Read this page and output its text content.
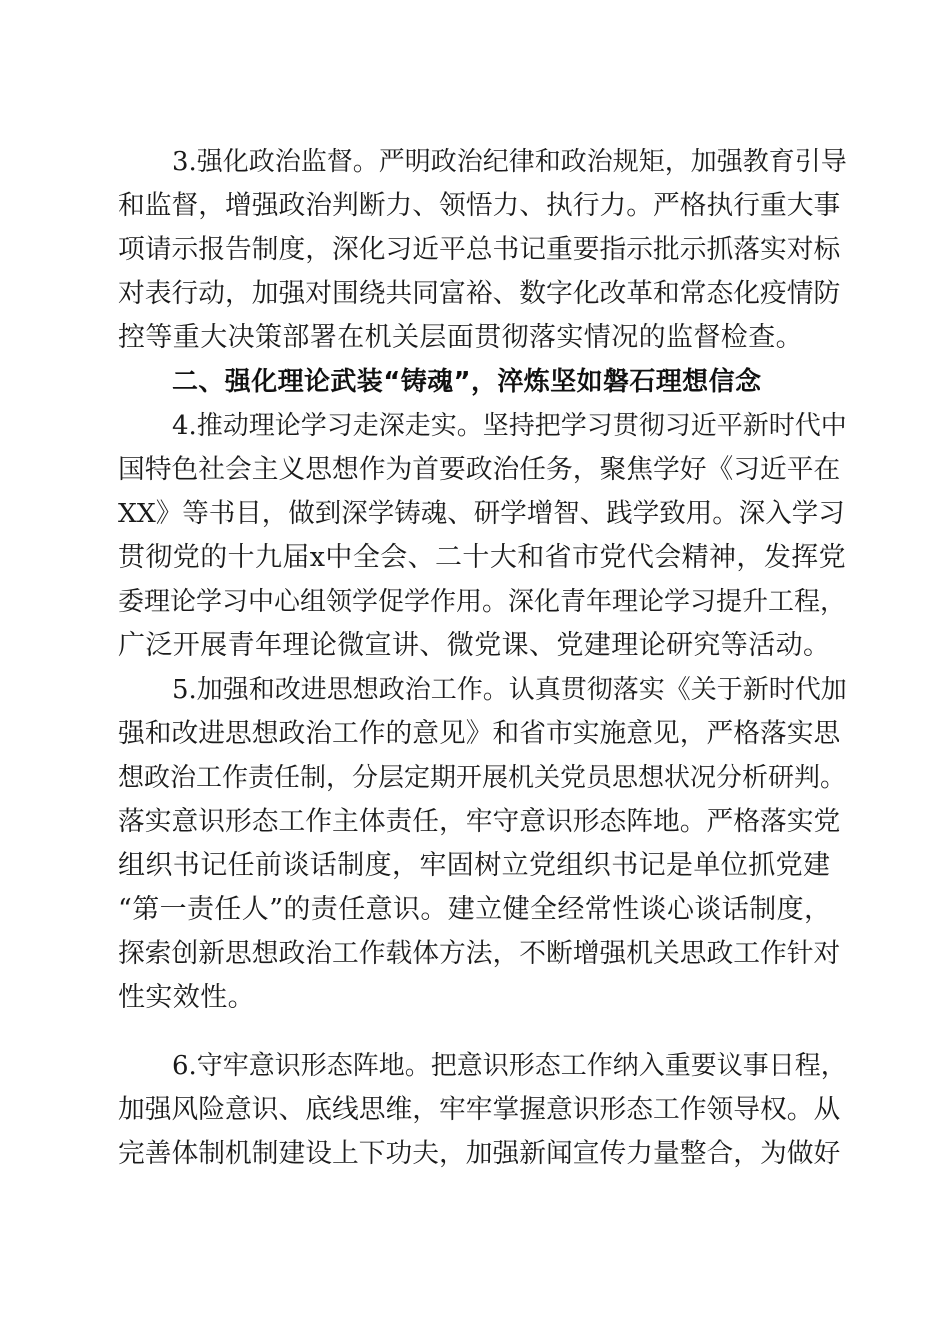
3.强化政治监督。严明政治纪律和政治规矩，加强教育引导

和监督，增强政治判断力、领悟力、执行力。严格执行重大事

项请示报告制度，深化习近平总书记重要指示批示抓落实对标

对表行动，加强对围绕共同富裕、数字化改革和常态化疫情防

控等重大决策部署在机关层面贯彻落实情况的监督检查。

二、强化理论武装“铸魂”，淬炼坚如磐石理想信念

4.推动理论学习走深走实。坚持把学习贯彻习近平新时代中

国特色社会主义思想作为首要政治任务，聚焦学好《习近平在

XX》等书目，做到深学铸魂、研学增智、践学致用。深入学习

贯彻党的十九届x中全会、二十大和省市党代会精神，发挥党

委理论学习中心组领学促学作用。深化青年理论学习提升工程，

广泛开展青年理论微宣讲、微党课、党建理论研究等活动。

5.加强和改进思想政治工作。认真贯彻落实《关于新时代加

强和改进思想政治工作的意见》和省市实施意见，严格落实思

想政治工作责任制，分层定期开展机关党员思想状况分析研判。

落实意识形态工作主体责任，牢守意识形态阵地。严格落实党

组织书记任前谈话制度，牢固树立党组织书记是单位抓党建

“第一责任人”的责任意识。建立健全经常性谈心谈话制度，

探索创新思想政治工作载体方法，不断增强机关思政工作针对

性实效性。

6.守牢意识形态阵地。把意识形态工作纳入重要议事日程，

加强风险意识、底线思维，牢牢掌握意识形态工作领导权。从

完善体制机制建设上下功夫，加强新闻宣传力量整合，为做好
